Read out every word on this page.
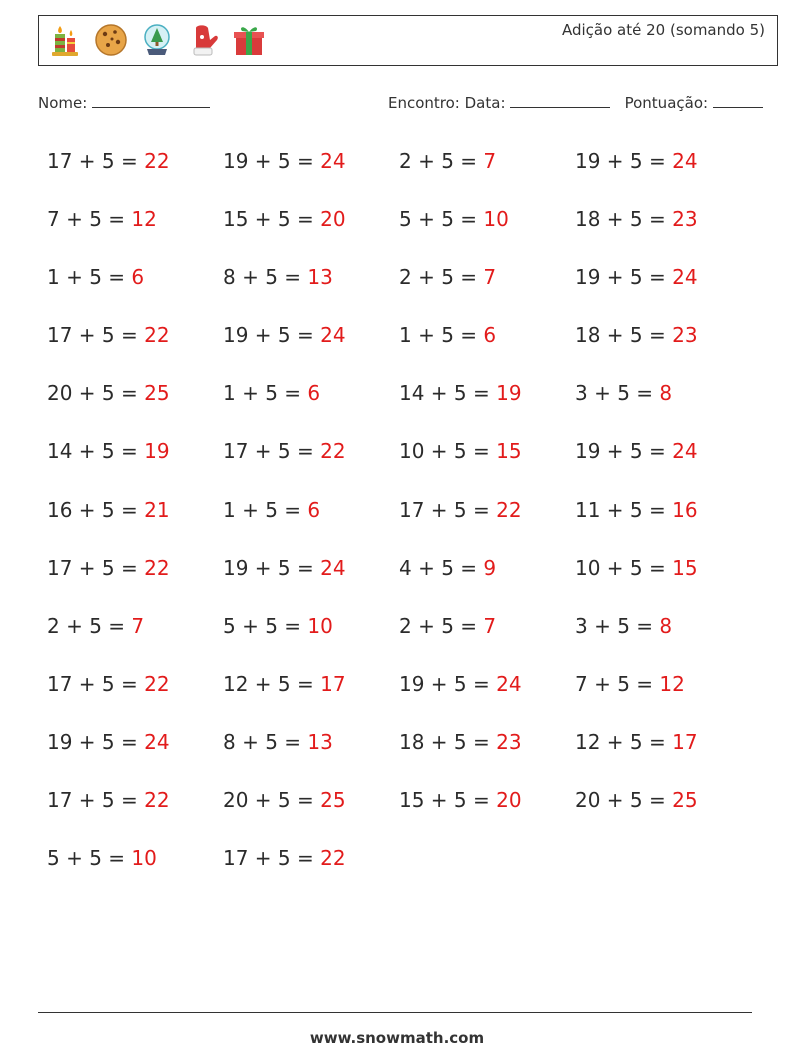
Adição até 20 (somando 5)
Nome:	Encontro: Data:	Pontuação:
17 + 5 = 22	19 + 5 = 24	2 + 5 = 7	19 + 5 = 24
7 + 5 = 12	15 + 5 = 20	5 + 5 = 10	18 + 5 = 23
1 + 5 = 6	8 + 5 = 13	2 + 5 = 7	19 + 5 = 24
17 + 5 = 22	19 + 5 = 24	1 + 5 = 6	18 + 5 = 23
20 + 5 = 25	1 + 5 = 6	14 + 5 = 19	3 + 5 = 8
14 + 5 = 19	17 + 5 = 22	10 + 5 = 15	19 + 5 = 24
16 + 5 = 21	1 + 5 = 6	17 + 5 = 22	11 + 5 = 16
17 + 5 = 22	19 + 5 = 24	4 + 5 = 9	10 + 5 = 15
2 + 5 = 7	5 + 5 = 10	2 + 5 = 7	3 + 5 = 8
17 + 5 = 22	12 + 5 = 17	19 + 5 = 24	7 + 5 = 12
19 + 5 = 24	8 + 5 = 13	18 + 5 = 23	12 + 5 = 17
17 + 5 = 22	20 + 5 = 25	15 + 5 = 20	20 + 5 = 25
5 + 5 = 10	17 + 5 = 22
www.snowmath.com
